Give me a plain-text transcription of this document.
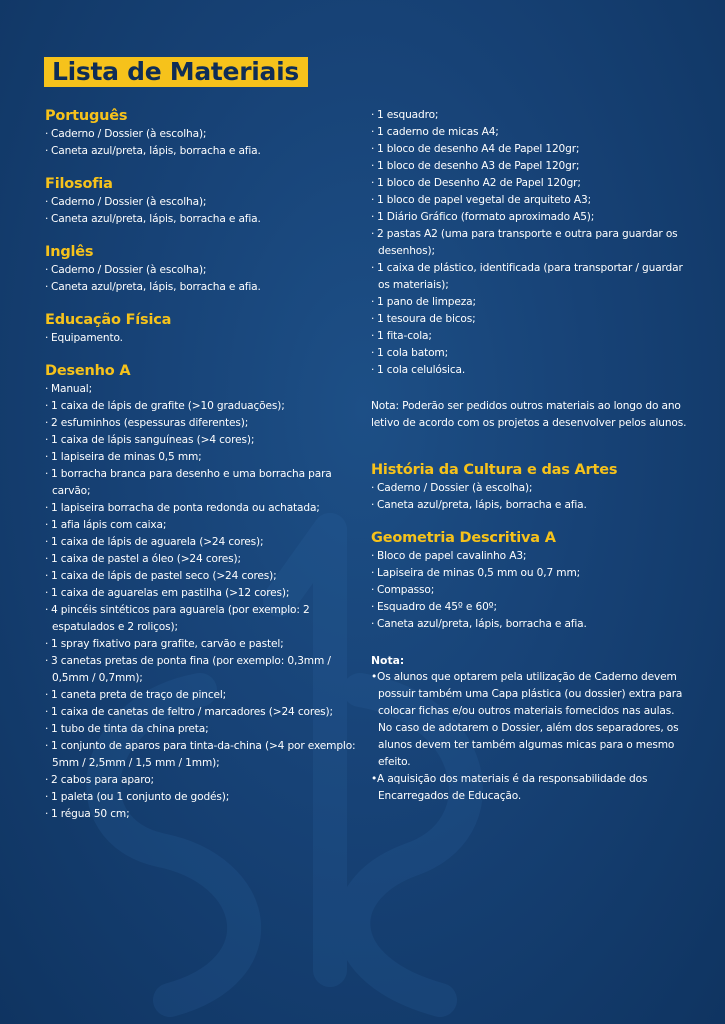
Lista de Materiais
Português
· Caderno / Dossier (à escolha);
· Caneta azul/preta, lápis, borracha e afia.
Filosofia
· Caderno / Dossier (à escolha);
· Caneta azul/preta, lápis, borracha e afia.
Inglês
· Caderno / Dossier (à escolha);
· Caneta azul/preta, lápis, borracha e afia.
Educação Física
· Equipamento.
Desenho A
· Manual;
· 1 caixa de lápis de grafite (>10 graduações);
· 2 esfuminhos (espessuras diferentes);
· 1 caixa de lápis sanguíneas (>4 cores);
· 1 lapiseira de minas 0,5 mm;
· 1 borracha branca para desenho e uma borracha para carvão;
· 1 lapiseira borracha de ponta redonda ou achatada;
· 1 afia lápis com caixa;
· 1 caixa de lápis de aguarela (>24 cores);
· 1 caixa de pastel a óleo (>24 cores);
· 1 caixa de lápis de pastel seco (>24 cores);
· 1 caixa de aguarelas em pastilha (>12 cores);
· 4 pincéis sintéticos para aguarela (por exemplo: 2 espatulados e 2 roliços);
· 1 spray fixativo para grafite, carvão e pastel;
· 3 canetas pretas de ponta fina (por exemplo: 0,3mm / 0,5mm / 0,7mm);
· 1 caneta preta de traço de pincel;
· 1 caixa de canetas de feltro / marcadores (>24 cores);
· 1 tubo de tinta da china preta;
· 1 conjunto de aparos para tinta-da-china (>4 por exemplo: 5mm / 2,5mm / 1,5 mm / 1mm);
· 2 cabos para aparo;
· 1 paleta (ou 1 conjunto de godés);
· 1 régua 50 cm;
· 1 esquadro;
· 1 caderno de micas A4;
· 1 bloco de desenho A4 de Papel 120gr;
· 1 bloco de desenho A3 de Papel 120gr;
· 1 bloco de Desenho A2 de Papel 120gr;
· 1 bloco de papel vegetal de arquiteto A3;
· 1 Diário Gráfico (formato aproximado A5);
· 2 pastas A2 (uma para transporte e outra para guardar os desenhos);
· 1 caixa de plástico, identificada (para transportar / guardar os materiais);
· 1 pano de limpeza;
· 1 tesoura de bicos;
· 1 fita-cola;
· 1 cola batom;
· 1 cola celulósica.

Nota: Poderão ser pedidos outros materiais ao longo do ano letivo de acordo com os projetos a desenvolver pelos alunos.

História da Cultura e das Artes
· Caderno / Dossier (à escolha);
· Caneta azul/preta, lápis, borracha e afia.
Geometria Descritiva A
· Bloco de papel cavalinho A3;
· Lapiseira de minas 0,5 mm ou 0,7 mm;
· Compasso;
· Esquadro de 45º e 60º;
· Caneta azul/preta, lápis, borracha e afia.

Nota:

•Os alunos que optarem pela utilização de Caderno devem possuir também uma Capa plástica (ou dossier) extra para colocar fichas e/ou outros materiais fornecidos nas aulas. No caso de adotarem o Dossier, além dos separadores, os alunos devem ter também algumas micas para o mesmo efeito.
•A aquisição dos materiais é da responsabilidade dos Encarregados de Educação.
